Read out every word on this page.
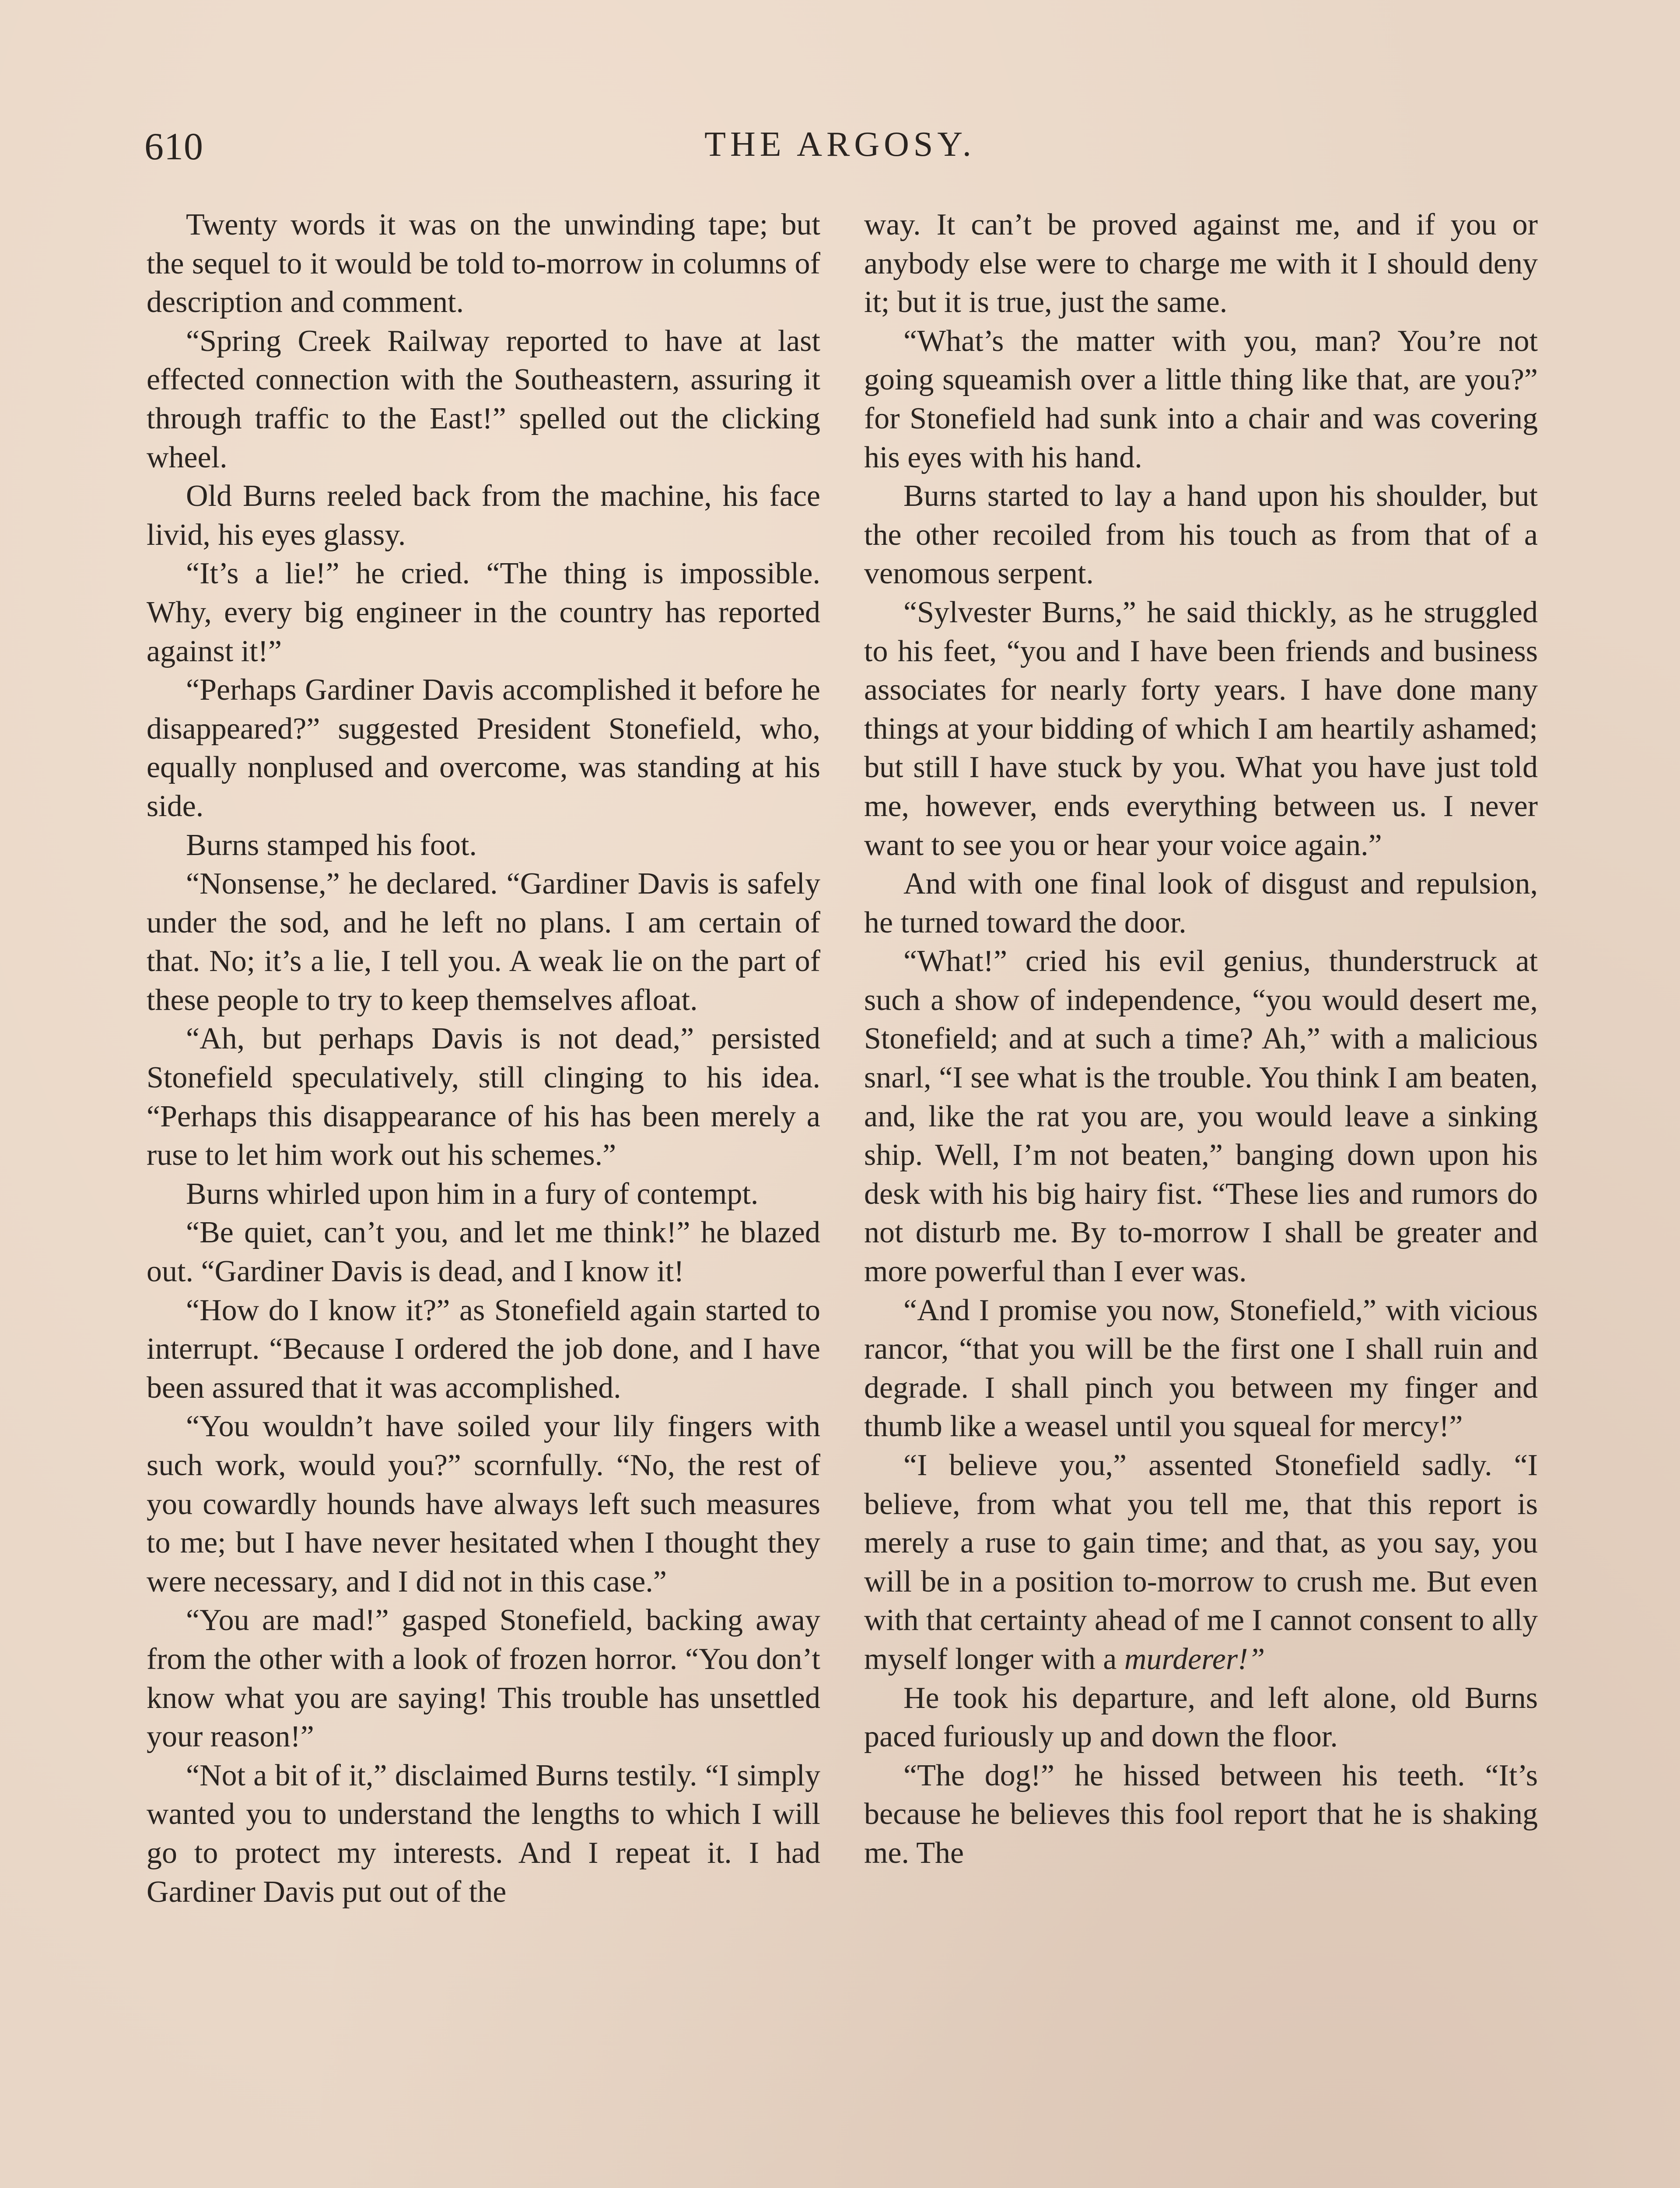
610	THE ARGOSY.

Twenty words it was on the unwinding tape; but the sequel to it would be told to-morrow in columns of description and comment.

“Spring Creek Railway reported to have at last effected connection with the Southeastern, assuring it through traffic to the East!” spelled out the clicking wheel.

Old Burns reeled back from the machine, his face livid, his eyes glassy.

“It’s a lie!” he cried. “The thing is impossible. Why, every big engineer in the country has reported against it!”

“Perhaps Gardiner Davis accomplished it before he disappeared?” suggested President Stonefield, who, equally nonplused and overcome, was standing at his side.

Burns stamped his foot.

“Nonsense,” he declared. “Gardiner Davis is safely under the sod, and he left no plans. I am certain of that. No; it’s a lie, I tell you. A weak lie on the part of these people to try to keep themselves afloat.

“Ah, but perhaps Davis is not dead,” persisted Stonefield speculatively, still clinging to his idea. “Perhaps this disappearance of his has been merely a ruse to let him work out his schemes.”

Burns whirled upon him in a fury of contempt.

“Be quiet, can’t you, and let me think!” he blazed out. “Gardiner Davis is dead, and I know it!

“How do I know it?” as Stonefield again started to interrupt. “Because I ordered the job done, and I have been assured that it was accomplished.

“You wouldn’t have soiled your lily fingers with such work, would you?” scornfully. “No, the rest of you cowardly hounds have always left such measures to me; but I have never hesitated when I thought they were necessary, and I did not in this case.”

“You are mad!” gasped Stonefield, backing away from the other with a look of frozen horror. “You don’t know what you are saying! This trouble has unsettled your reason!”

“Not a bit of it,” disclaimed Burns testily. “I simply wanted you to understand the lengths to which I will go to protect my interests. And I repeat it. I had Gardiner Davis put out of the

way. It can’t be proved against me, and if you or anybody else were to charge me with it I should deny it; but it is true, just the same.

“What’s the matter with you, man? You’re not going squeamish over a little thing like that, are you?” for Stonefield had sunk into a chair and was covering his eyes with his hand.

Burns started to lay a hand upon his shoulder, but the other recoiled from his touch as from that of a venomous serpent.

“Sylvester Burns,” he said thickly, as he struggled to his feet, “you and I have been friends and business associates for nearly forty years. I have done many things at your bidding of which I am heartily ashamed; but still I have stuck by you. What you have just told me, however, ends everything between us. I never want to see you or hear your voice again.”

And with one final look of disgust and repulsion, he turned toward the door.

“What!” cried his evil genius, thunderstruck at such a show of independence, “you would desert me, Stonefield; and at such a time? Ah,” with a malicious snarl, “I see what is the trouble. You think I am beaten, and, like the rat you are, you would leave a sinking ship. Well, I’m not beaten,” banging down upon his desk with his big hairy fist. “These lies and rumors do not disturb me. By to-morrow I shall be greater and more powerful than I ever was.

“And I promise you now, Stonefield,” with vicious rancor, “that you will be the first one I shall ruin and degrade. I shall pinch you between my finger and thumb like a weasel until you squeal for mercy!”

“I believe you,” assented Stonefield sadly. “I believe, from what you tell me, that this report is merely a ruse to gain time; and that, as you say, you will be in a position to-morrow to crush me. But even with that certainty ahead of me I cannot consent to ally myself longer with a murderer!”

He took his departure, and left alone, old Burns paced furiously up and down the floor.

“The dog!” he hissed between his teeth. “It’s because he believes this fool report that he is shaking me. The
